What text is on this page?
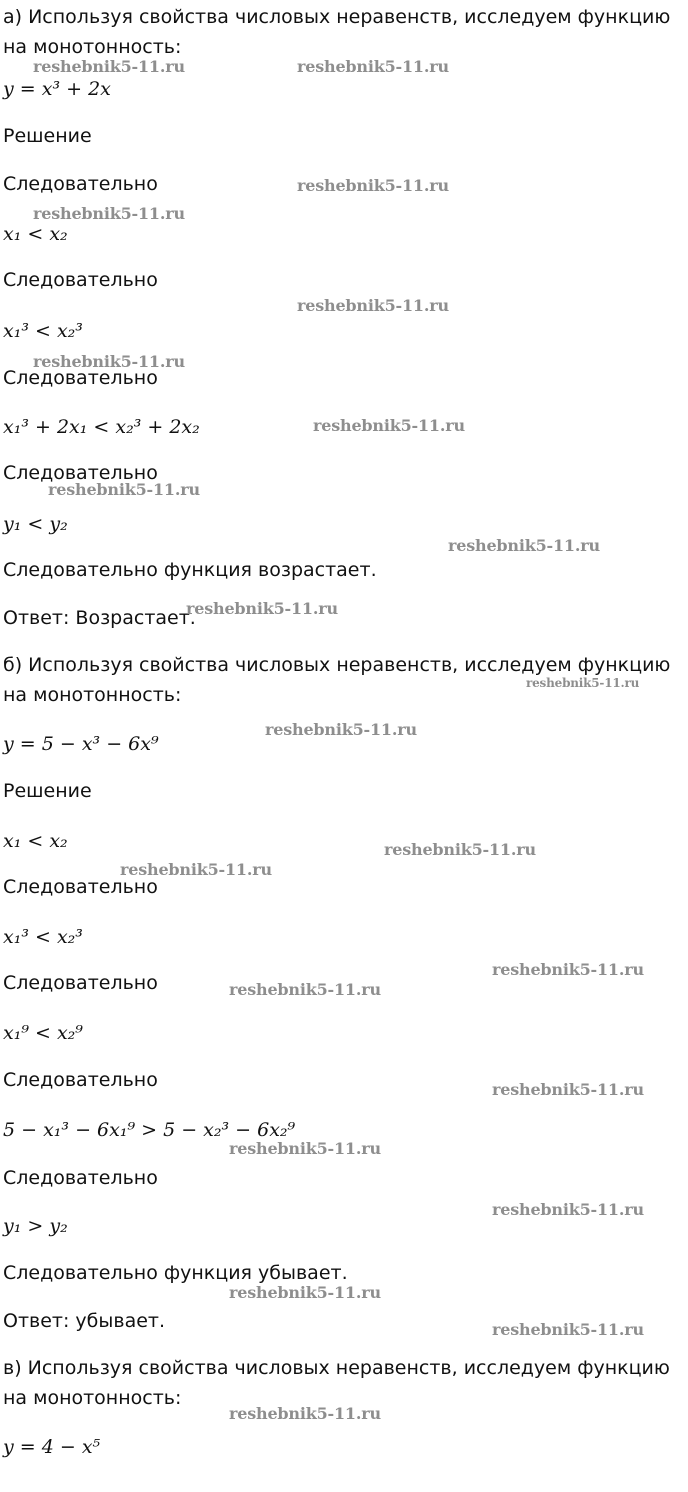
а) Используя свойства числовых неравенств, исследуем функцию на монотонность:
y = x³ + 2x
Решение
Следовательно
x₁ < x₂
Следовательно
x₁³ < x₂³
Следовательно
x₁³ + 2x₁ < x₂³ + 2x₂
Следовательно
y₁ < y₂
Следовательно функция возрастает.
Ответ: Возрастает.
б) Используя свойства числовых неравенств, исследуем функцию на монотонность:
y = 5 − x³ − 6x⁹
Решение
x₁ < x₂
Следовательно
x₁³ < x₂³
Следовательно
x₁⁹ < x₂⁹
Следовательно
5 − x₁³ − 6x₁⁹ > 5 − x₂³ − 6x₂⁹
Следовательно
y₁ > y₂
Следовательно функция убывает.
Ответ: убывает.
в) Используя свойства числовых неравенств, исследуем функцию на монотонность:
y = 4 − x⁵
reshebnik5-11.ru	reshebnik5-11.ru
reshebnik5-11.ru
reshebnik5-11.ru
reshebnik5-11.ru
reshebnik5-11.ru
reshebnik5-11.ru
reshebnik5-11.ru
reshebnik5-11.ru
reshebnik5-11.ru
reshebnik5-11.ru
reshebnik5-11.ru
reshebnik5-11.ru
reshebnik5-11.ru
reshebnik5-11.ru
reshebnik5-11.ru
reshebnik5-11.ru
reshebnik5-11.ru
reshebnik5-11.ru
reshebnik5-11.ru
reshebnik5-11.ru
reshebnik5-11.ru
